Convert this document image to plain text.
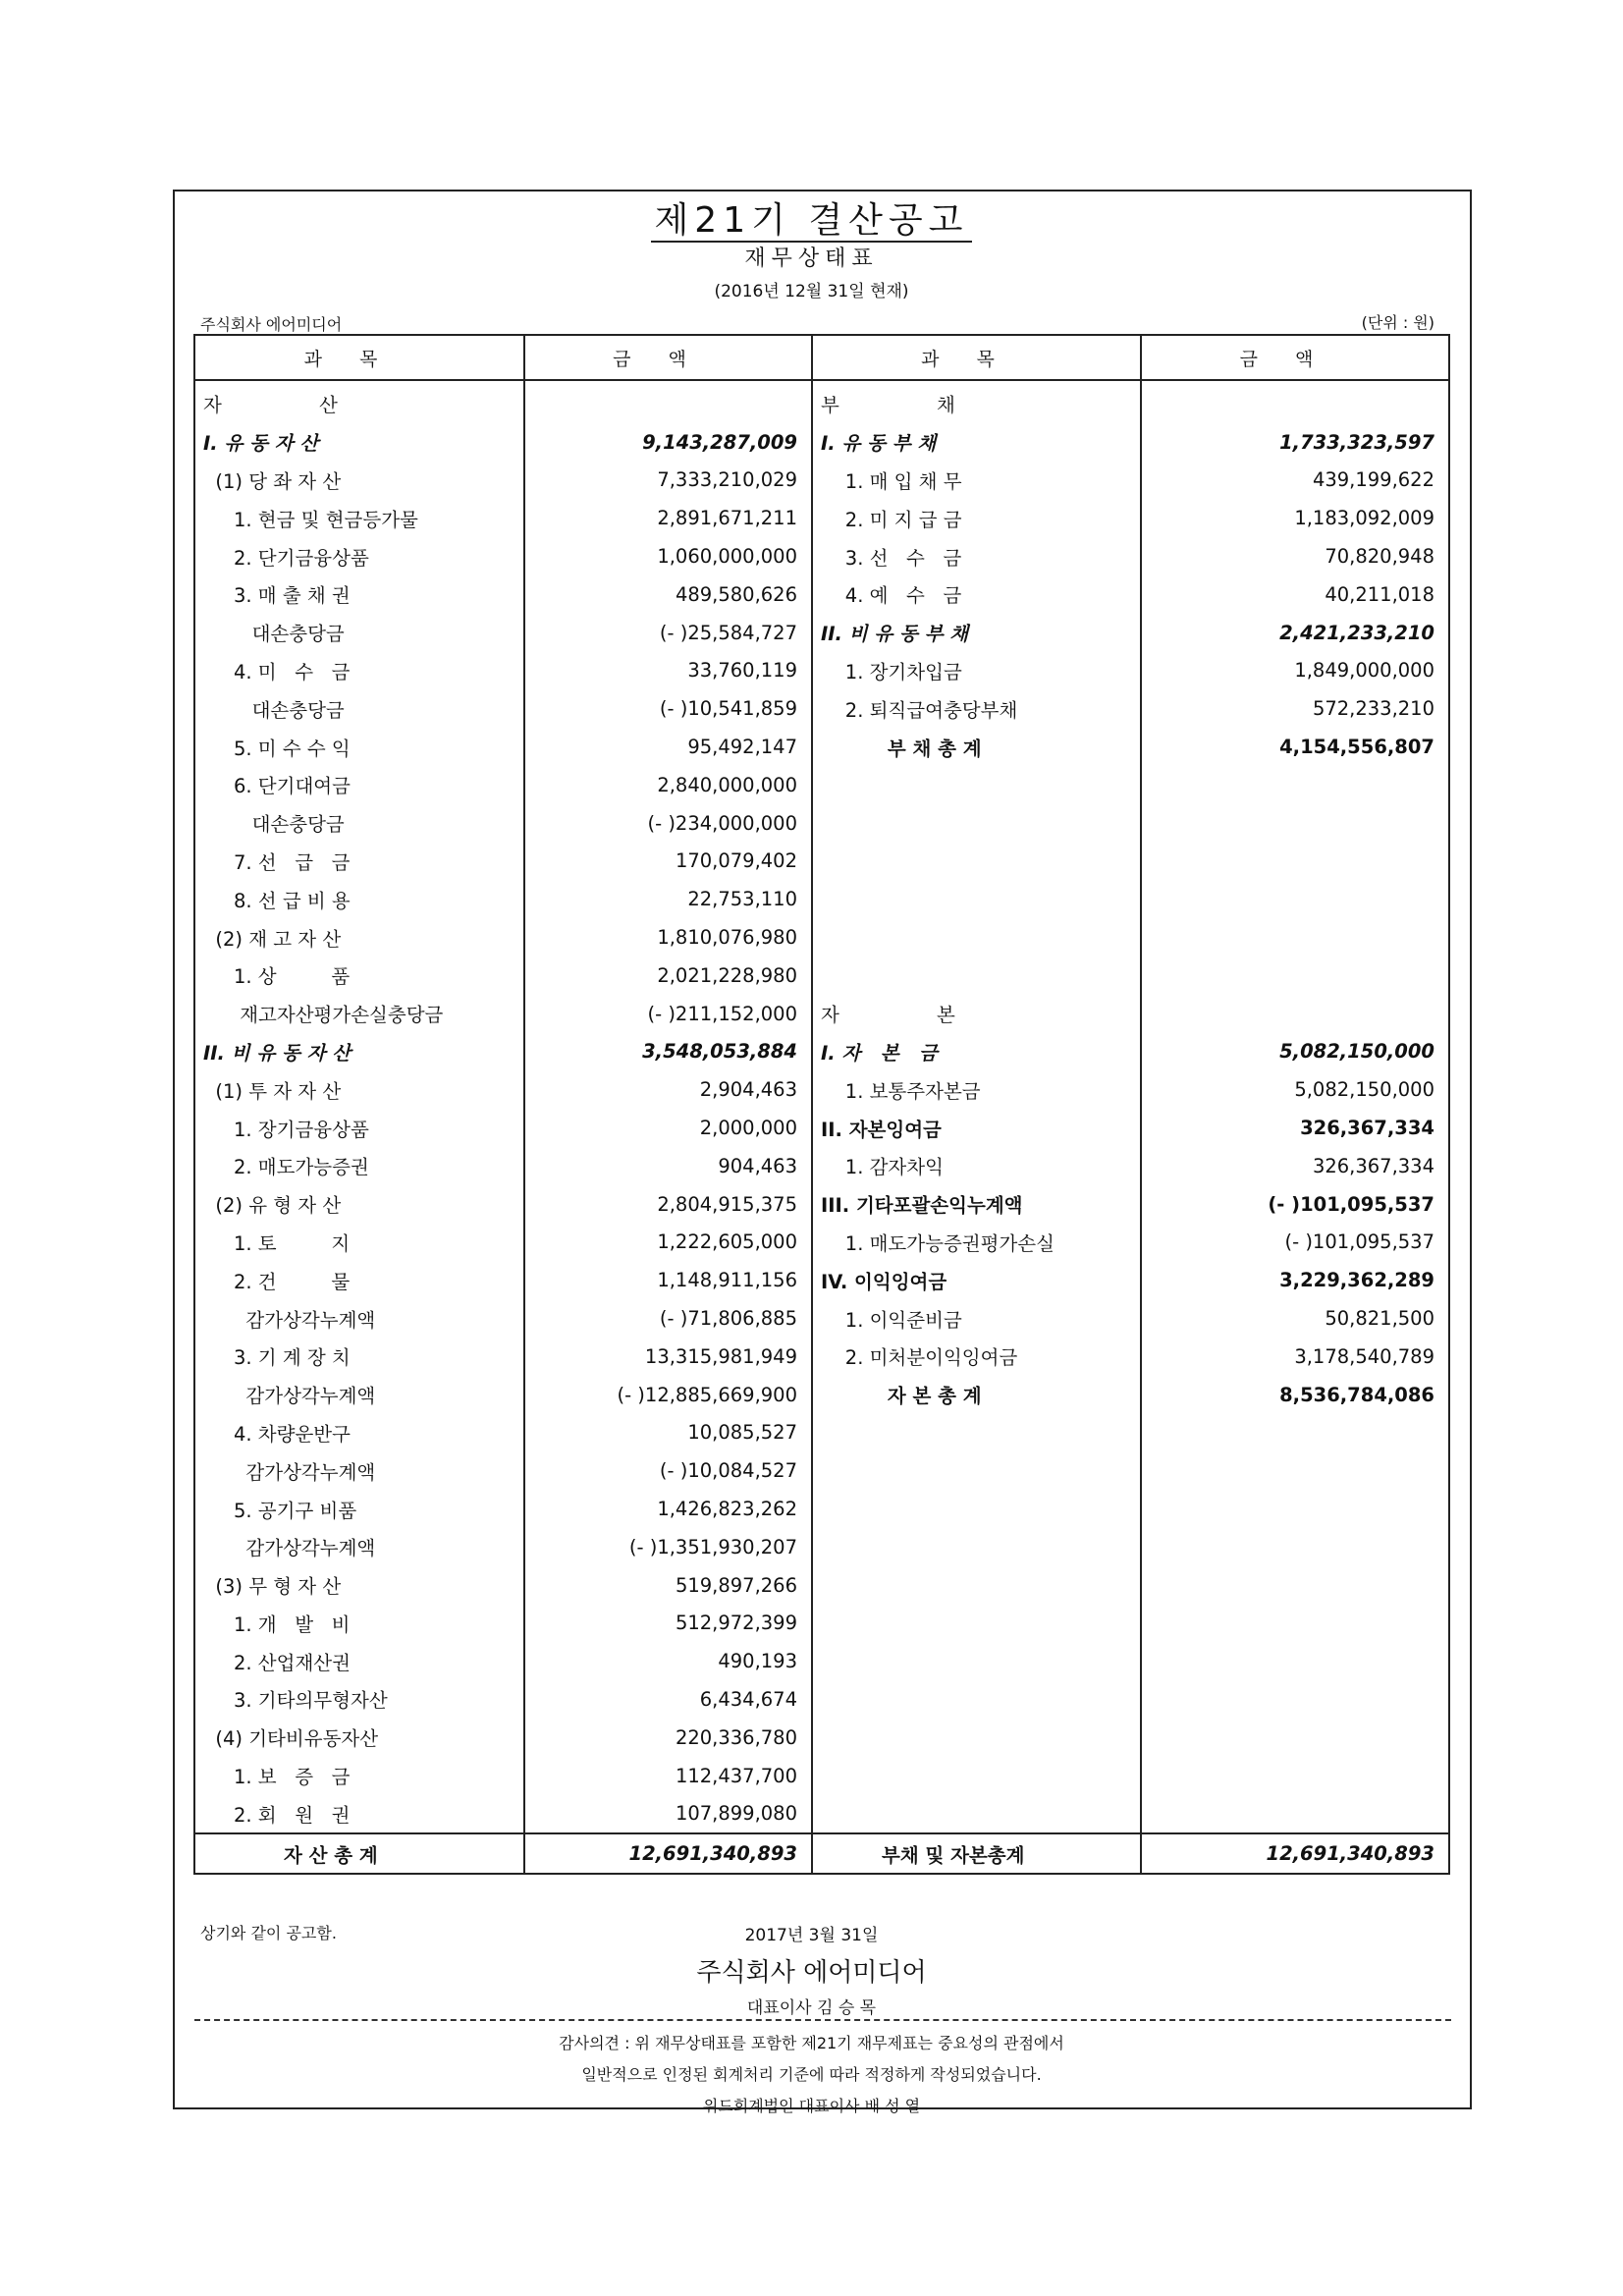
제21기 결산공고
재무상태표
(2016년 12월 31일 현재)
주식회사 에어미디어	(단위 : 원)
과목	금액	과목	금액
자                산		부                채	
I. 유 동 자 산	9,143,287,009	I. 유 동 부 채	1,733,323,597
(1) 당 좌 자 산	7,333,210,029	1. 매 입 채 무	439,199,622
1. 현금 및 현금등가물	2,891,671,211	2. 미 지 급 금	1,183,092,009
2. 단기금융상품	1,060,000,000	3. 선   수   금	70,820,948
3. 매 출 채 권	489,580,626	4. 예   수   금	40,211,018
대손충당금	(- )25,584,727	II. 비 유 동 부 채	2,421,233,210
4. 미   수   금	33,760,119	1. 장기차입금	1,849,000,000
대손충당금	(- )10,541,859	2. 퇴직급여충당부채	572,233,210
5. 미 수 수 익	95,492,147	부 채 총 계	4,154,556,807
6. 단기대여금	2,840,000,000		
대손충당금	(- )234,000,000		
7. 선   급   금	170,079,402		
8. 선 급 비 용	22,753,110		
(2) 재 고 자 산	1,810,076,980		
1. 상         품	2,021,228,980		
재고자산평가손실충당금	(- )211,152,000	자                본	
II. 비 유 동 자 산	3,548,053,884	I. 자   본   금	5,082,150,000
(1) 투 자 자 산	2,904,463	1. 보통주자본금	5,082,150,000
1. 장기금융상품	2,000,000	II. 자본잉여금	326,367,334
2. 매도가능증권	904,463	1. 감자차익	326,367,334
(2) 유 형 자 산	2,804,915,375	III. 기타포괄손익누계액	(- )101,095,537
1. 토         지	1,222,605,000	1. 매도가능증권평가손실	(- )101,095,537
2. 건         물	1,148,911,156	IV. 이익잉여금	3,229,362,289
감가상각누계액	(- )71,806,885	1. 이익준비금	50,821,500
3. 기 계 장 치	13,315,981,949	2. 미처분이익잉여금	3,178,540,789
감가상각누계액	(- )12,885,669,900	자 본 총 계	8,536,784,086
4. 차량운반구	10,085,527		
감가상각누계액	(- )10,084,527		
5. 공기구 비품	1,426,823,262		
감가상각누계액	(- )1,351,930,207		
(3) 무 형 자 산	519,897,266		
1. 개   발   비	512,972,399		
2. 산업재산권	490,193		
3. 기타의무형자산	6,434,674		
(4) 기타비유동자산	220,336,780		
1. 보   증   금	112,437,700		
2. 회   원   권	107,899,080		
자 산 총 계	12,691,340,893	부채 및 자본총계	12,691,340,893
상기와 같이 공고함.	2017년 3월 31일
주식회사 에어미디어
대표이사 김 승 목
감사의견 : 위 재무상태표를 포함한 제21기 재무제표는 중요성의 관점에서
일반적으로 인정된 회계처리 기준에 따라 적정하게 작성되었습니다.
위드회계법인 대표이사 배 성 열
